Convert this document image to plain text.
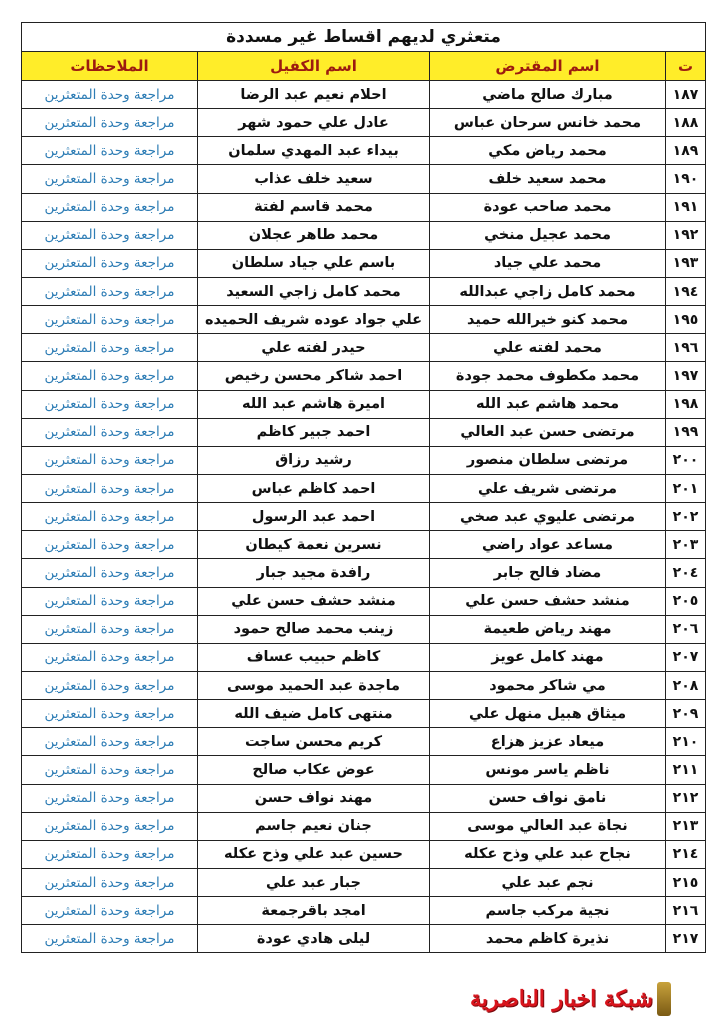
متعثري لديهم اقساط غير مسددة			
ت	اسم المقترض	اسم الكفيل	الملاحظات
١٨٧	مبارك صالح ماضي	احلام نعيم عبد الرضا	مراجعة وحدة المتعثرين
١٨٨	محمد خانس سرحان عباس	عادل علي حمود شهر	مراجعة وحدة المتعثرين
١٨٩	محمد رياض مكي	بيداء عبد المهدي سلمان	مراجعة وحدة المتعثرين
١٩٠	محمد سعيد خلف	سعيد خلف عذاب	مراجعة وحدة المتعثرين
١٩١	محمد صاحب عودة	محمد قاسم لفتة	مراجعة وحدة المتعثرين
١٩٢	محمد عجيل منخي	محمد طاهر عجلان	مراجعة وحدة المتعثرين
١٩٣	محمد علي جياد	باسم علي جياد سلطان	مراجعة وحدة المتعثرين
١٩٤	محمد كامل زاجي عبدالله	محمد كامل زاجي السعيد	مراجعة وحدة المتعثرين
١٩٥	محمد كنو خيرالله حميد	علي جواد عوده شريف الحميده	مراجعة وحدة المتعثرين
١٩٦	محمد لفته علي	حيدر لفته علي	مراجعة وحدة المتعثرين
١٩٧	محمد مكطوف محمد جودة	احمد شاكر محسن رخيص	مراجعة وحدة المتعثرين
١٩٨	محمد هاشم عبد الله	اميرة هاشم عبد الله	مراجعة وحدة المتعثرين
١٩٩	مرتضى حسن عبد العالي	احمد جبير كاظم	مراجعة وحدة المتعثرين
٢٠٠	مرتضى سلطان منصور	رشيد رزاق	مراجعة وحدة المتعثرين
٢٠١	مرتضى شريف علي	احمد كاظم عباس	مراجعة وحدة المتعثرين
٢٠٢	مرتضى عليوي عبد صخي	احمد عبد الرسول	مراجعة وحدة المتعثرين
٢٠٣	مساعد عواد راضي	نسرين نعمة كيطان	مراجعة وحدة المتعثرين
٢٠٤	مضاد فالح جابر	رافدة مجيد جبار	مراجعة وحدة المتعثرين
٢٠٥	منشد حشف حسن علي	منشد حشف حسن علي	مراجعة وحدة المتعثرين
٢٠٦	مهند رياض طعيمة	زينب محمد صالح حمود	مراجعة وحدة المتعثرين
٢٠٧	مهند كامل عويز	كاظم حبيب عساف	مراجعة وحدة المتعثرين
٢٠٨	مي شاكر محمود	ماجدة عبد الحميد موسى	مراجعة وحدة المتعثرين
٢٠٩	ميثاق هبيل منهل علي	منتهى كامل ضيف الله	مراجعة وحدة المتعثرين
٢١٠	ميعاد عزيز هزاع	كريم محسن ساجت	مراجعة وحدة المتعثرين
٢١١	ناظم ياسر مونس	عوض عكاب صالح	مراجعة وحدة المتعثرين
٢١٢	نامق نواف حسن	مهند نواف حسن	مراجعة وحدة المتعثرين
٢١٣	نجاة عبد العالي موسى	جنان نعيم جاسم	مراجعة وحدة المتعثرين
٢١٤	نجاح عبد علي وذح عكله	حسين عبد علي وذح عكله	مراجعة وحدة المتعثرين
٢١٥	نجم عبد علي	جبار عبد علي	مراجعة وحدة المتعثرين
٢١٦	نجية مركب جاسم	امجد باقرجمعة	مراجعة وحدة المتعثرين
٢١٧	نذيرة كاظم محمد	ليلى هادي عودة	مراجعة وحدة المتعثرين
شبكة اخبار الناصرية
